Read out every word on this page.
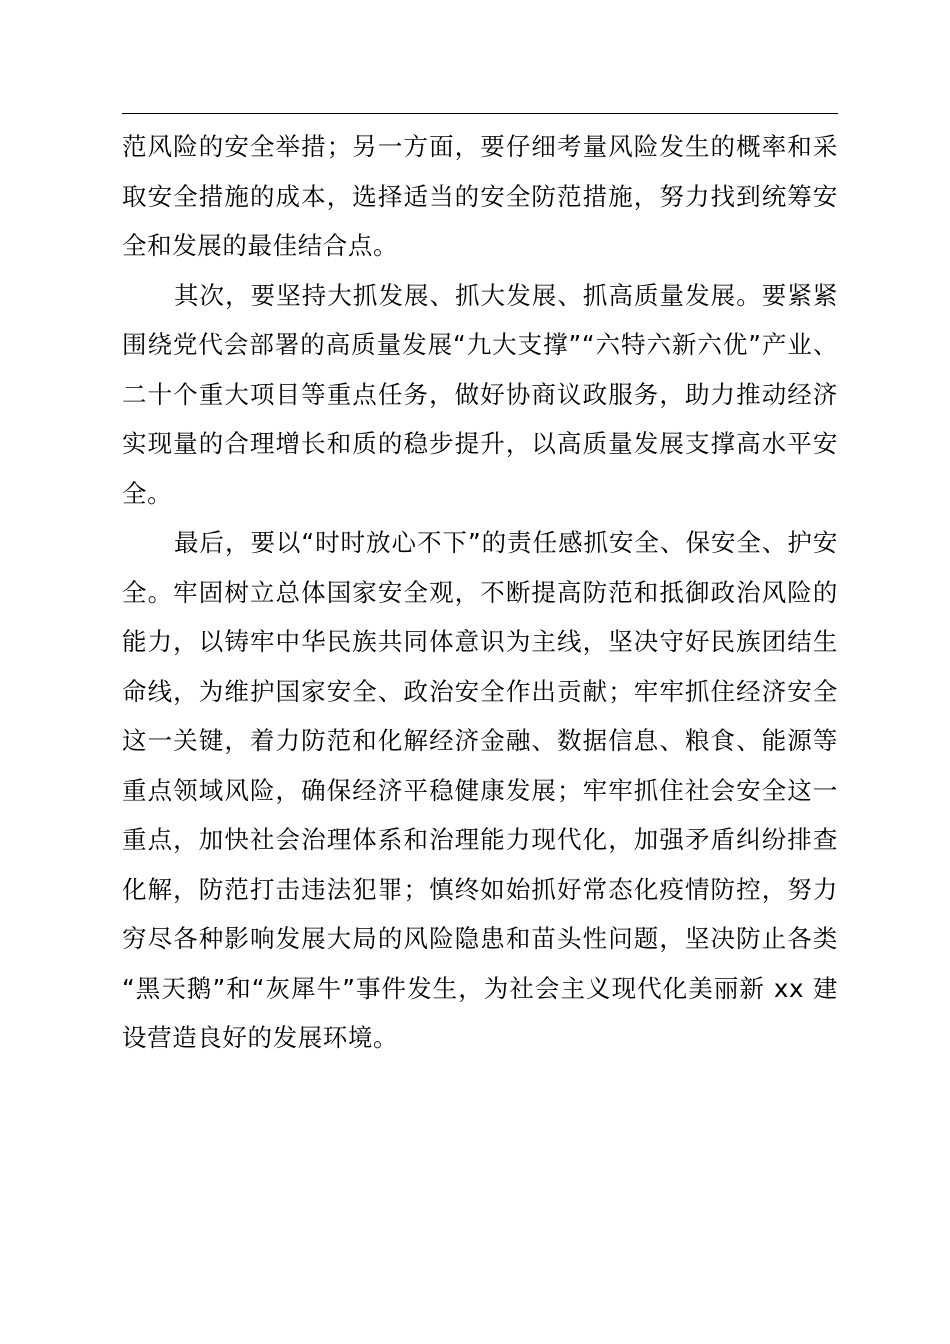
范风险的安全举措；另一方面，要仔细考量风险发生的概率和采
取安全措施的成本，选择适当的安全防范措施，努力找到统筹安
全和发展的最佳结合点。
其次，要坚持大抓发展、抓大发展、抓高质量发展。要紧紧
围绕党代会部署的高质量发展“九大支撑”“六特六新六优”产业、
二十个重大项目等重点任务，做好协商议政服务，助力推动经济
实现量的合理增长和质的稳步提升，以高质量发展支撑高水平安
全。
最后，要以“时时放心不下”的责任感抓安全、保安全、护安
全。牢固树立总体国家安全观，不断提高防范和抵御政治风险的
能力，以铸牢中华民族共同体意识为主线，坚决守好民族团结生
命线，为维护国家安全、政治安全作出贡献；牢牢抓住经济安全
这一关键，着力防范和化解经济金融、数据信息、粮食、能源等
重点领域风险，确保经济平稳健康发展；牢牢抓住社会安全这一
重点，加快社会治理体系和治理能力现代化，加强矛盾纠纷排查
化解，防范打击违法犯罪；慎终如始抓好常态化疫情防控，努力
穷尽各种影响发展大局的风险隐患和苗头性问题，坚决防止各类
“黑天鹅”和“灰犀牛”事件发生，为社会主义现代化美丽新 xx 建
设营造良好的发展环境。
